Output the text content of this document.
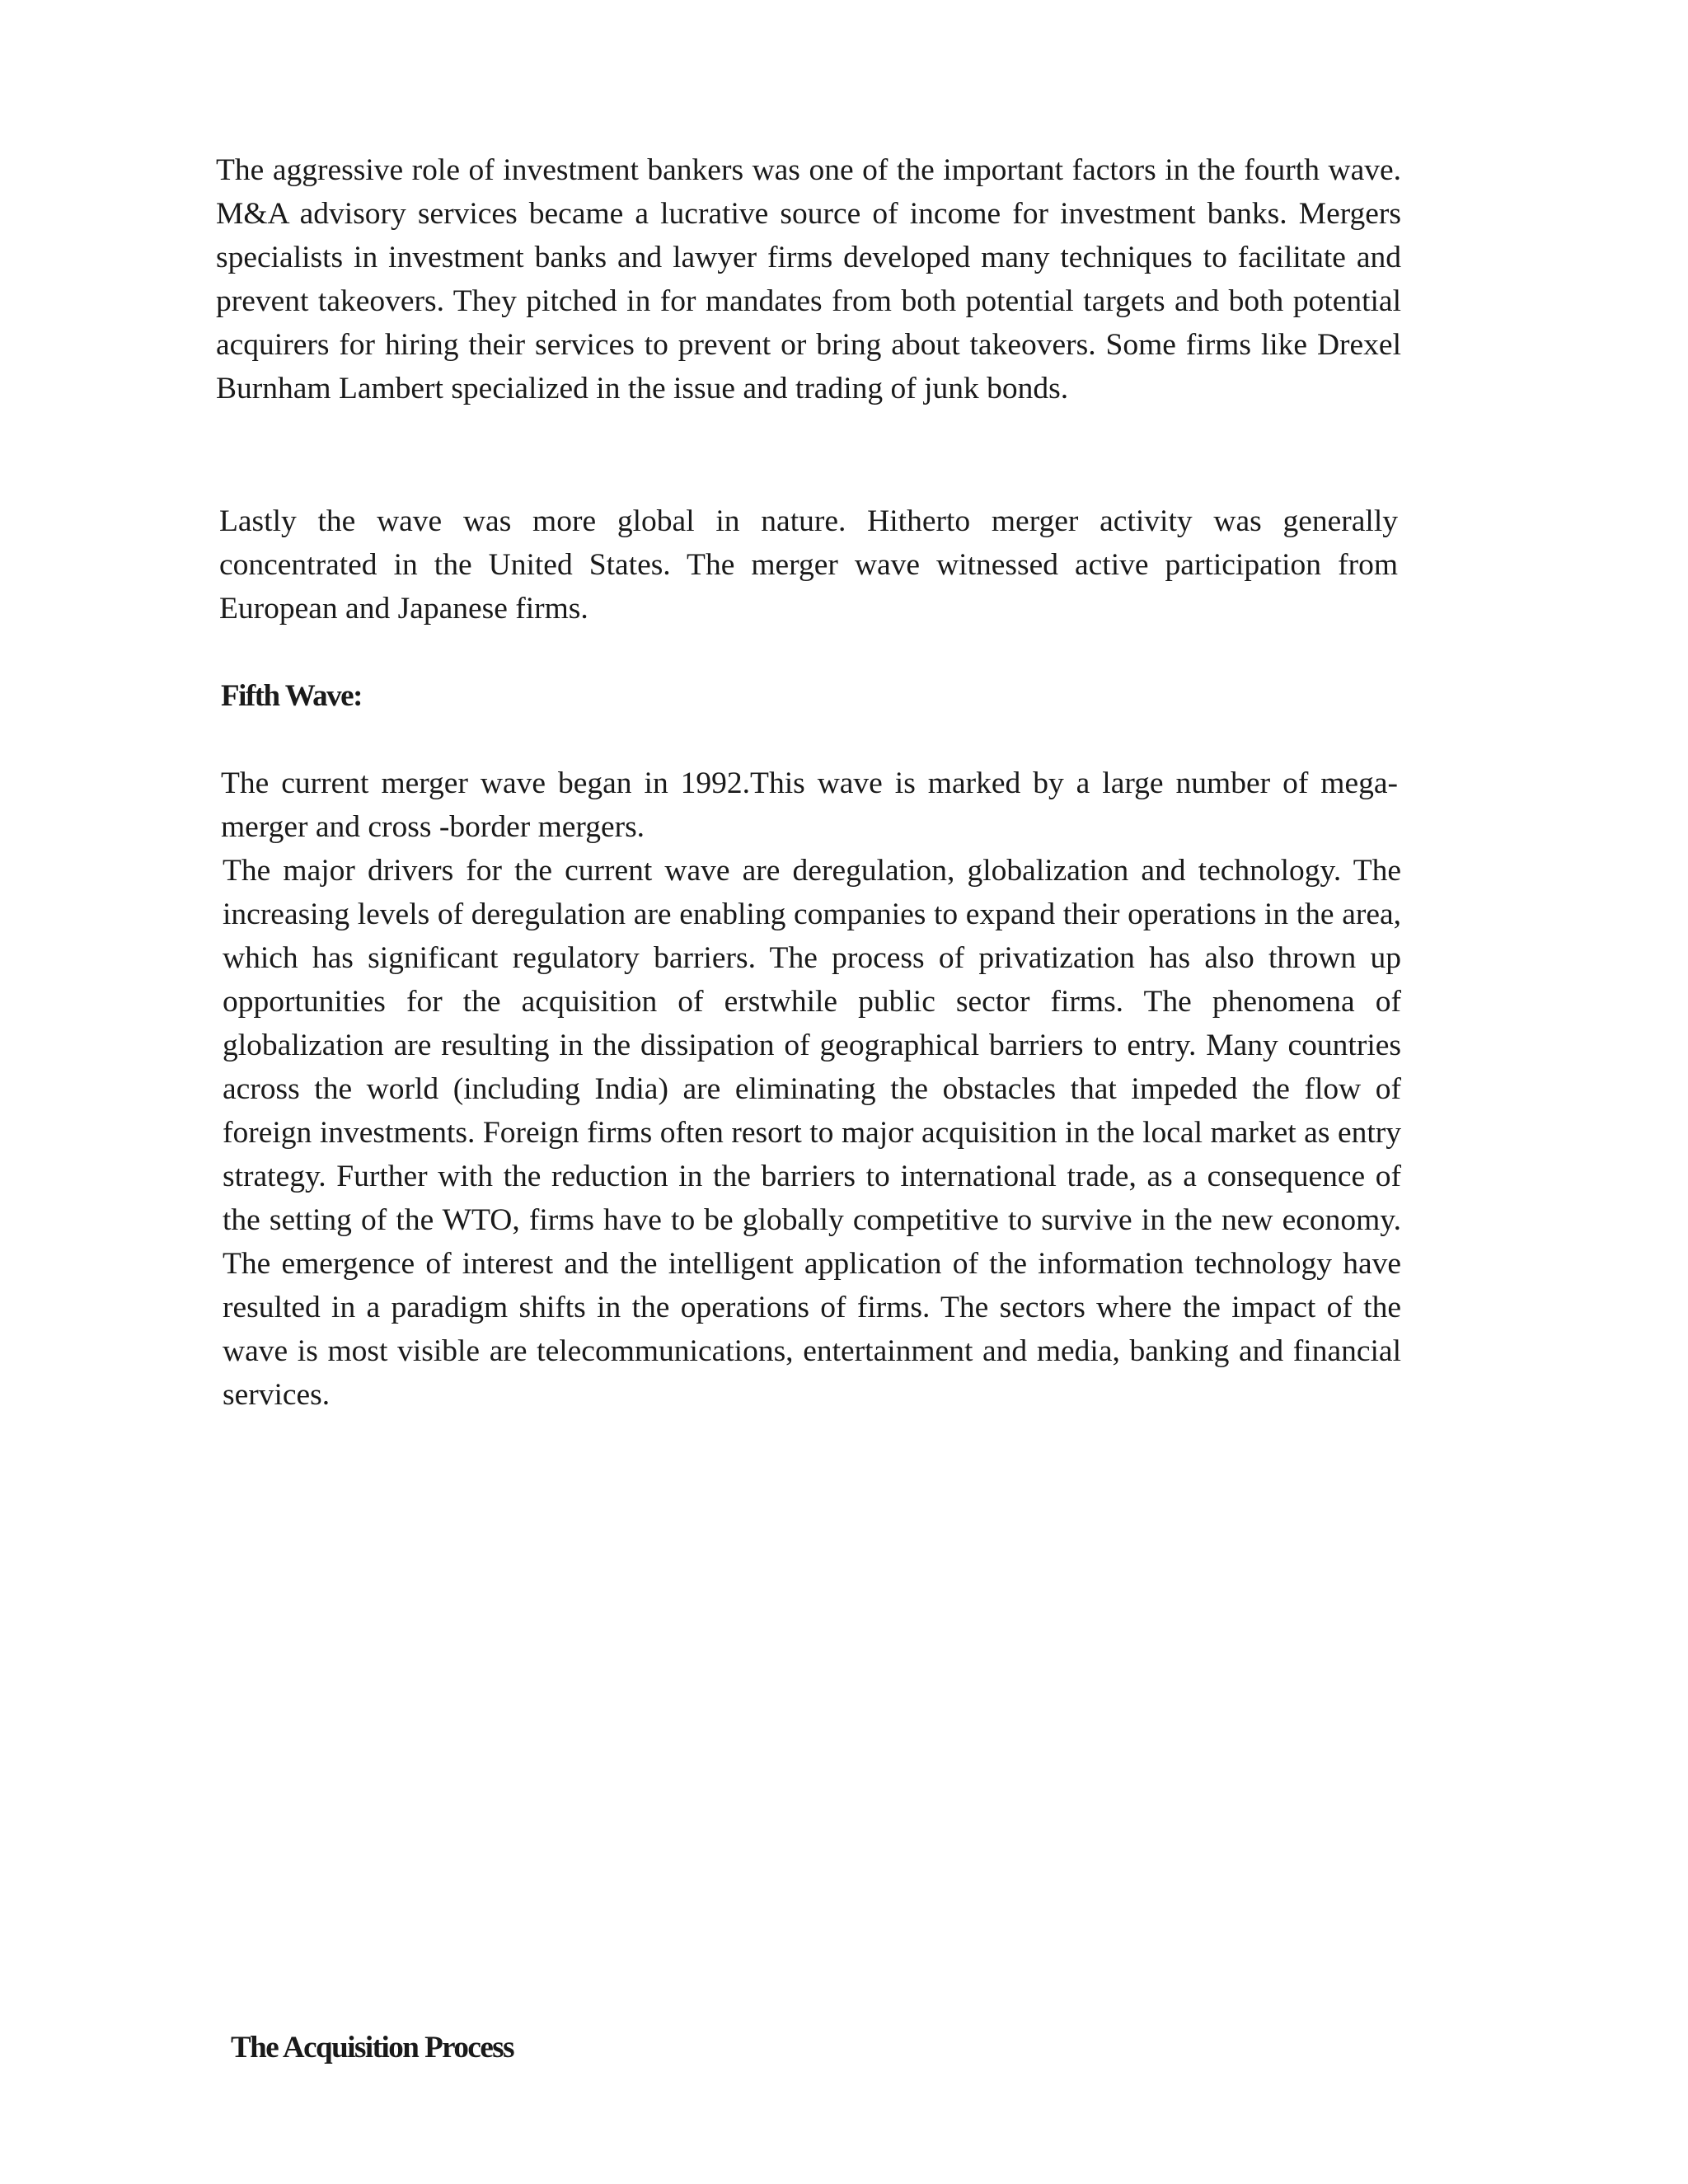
The aggressive role of investment bankers was one of the important factors in the fourth wave. M&A advisory services became a lucrative source of income for investment banks. Mergers specialists in investment banks and lawyer firms developed many techniques to facilitate and prevent takeovers. They pitched in for mandates from both potential targets and both potential acquirers for hiring their services to prevent or bring about takeovers. Some firms like Drexel Burnham Lambert specialized in the issue and trading of junk bonds.

Lastly the wave was more global in nature. Hitherto merger activity was generally concentrated in the United States. The merger wave witnessed active participation from European and Japanese firms.

Fifth Wave:

The current merger wave began in 1992.This wave is marked by a large number of mega-merger and cross -border mergers.

The major drivers for the current wave are deregulation, globalization and technology. The increasing levels of deregulation are enabling companies to expand their operations in the area, which has significant regulatory barriers. The process of privatization has also thrown up opportunities for the acquisition of erstwhile public sector firms. The phenomena of globalization are resulting in the dissipation of geographical barriers to entry. Many countries across the world (including India) are eliminating the obstacles that impeded the flow of foreign investments. Foreign firms often resort to major acquisition in the local market as entry strategy. Further with the reduction in the barriers to international trade, as a consequence of the setting of the WTO, firms have to be globally competitive to survive in the new economy. The emergence of interest and the intelligent application of the information technology have resulted in a paradigm shifts in the operations of firms. The sectors where the impact of the wave is most visible are telecommunications, entertainment and media, banking and financial services.

The Acquisition Process
